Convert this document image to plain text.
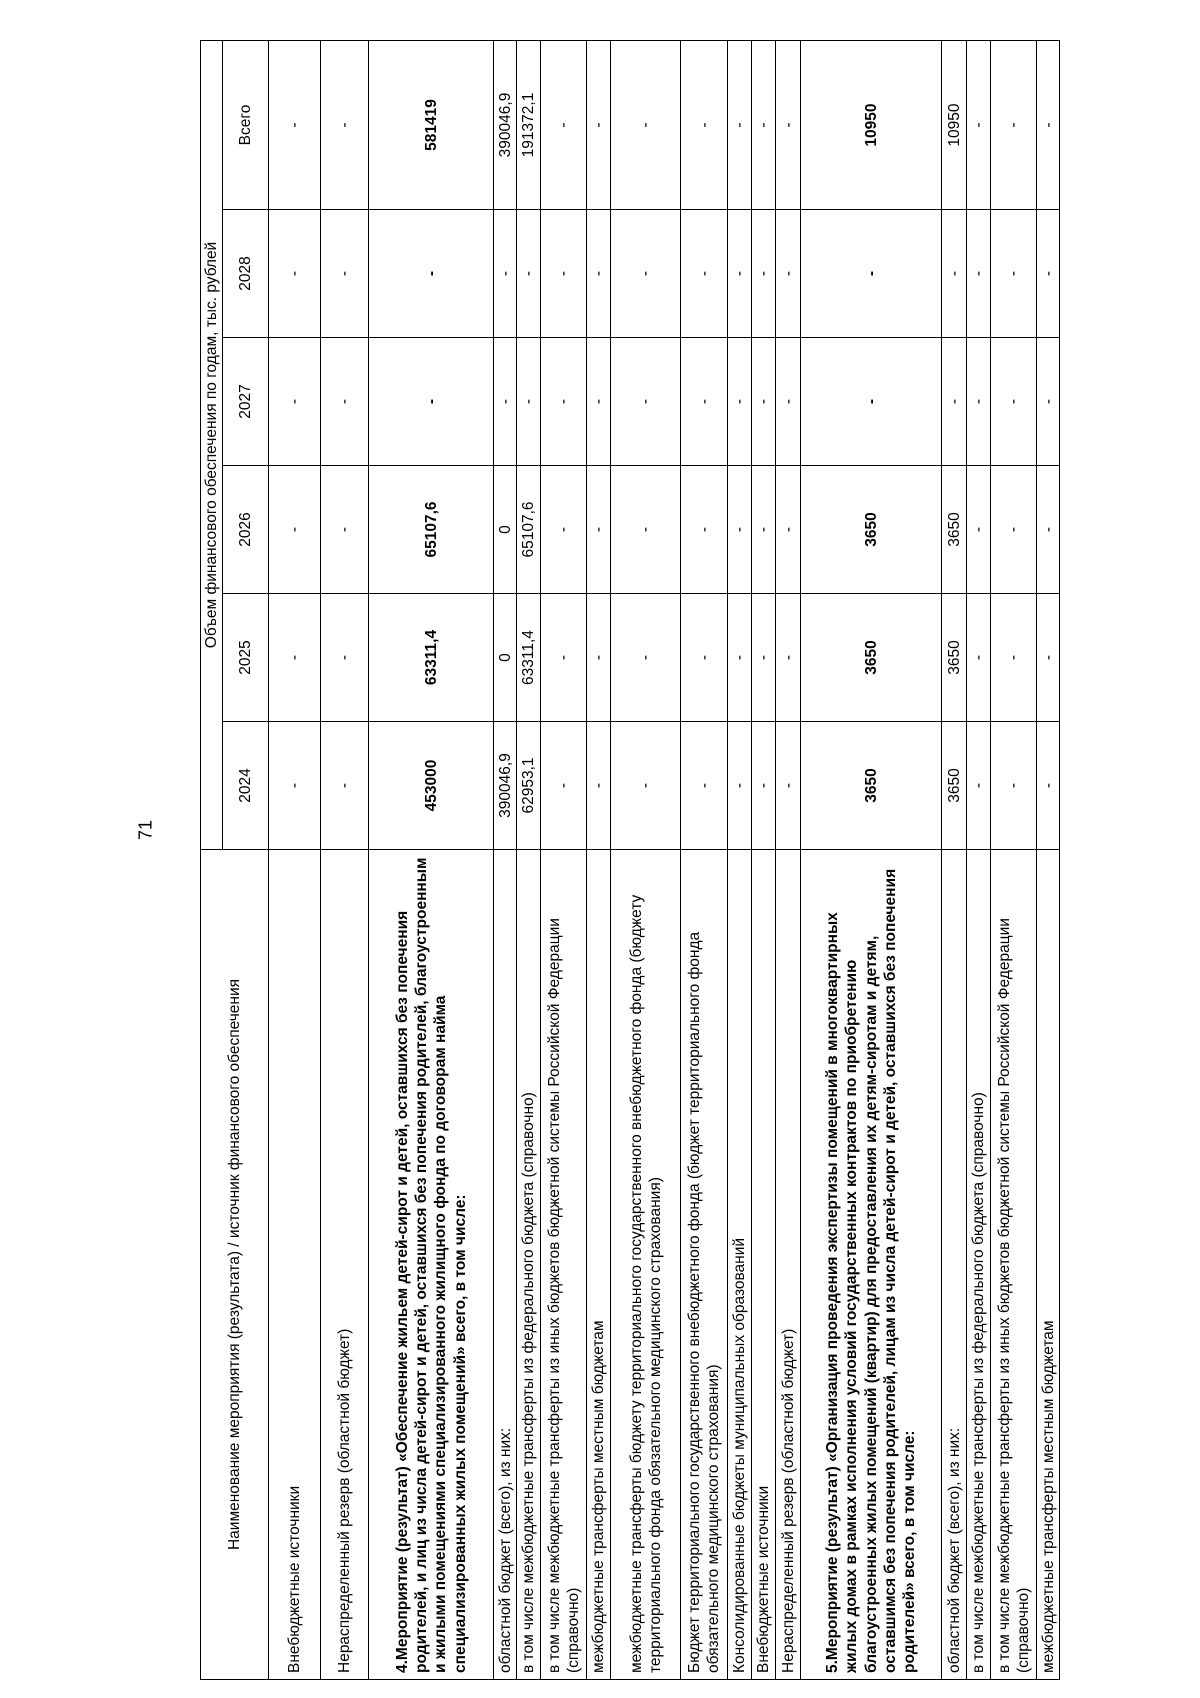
71
Наименование мероприятия (результата) / источник финансового обеспечения	Объем финансового обеспечения по годам, тыс. рублей					
	2024	2025	2026	2027	2028	Всего
Внебюджетные источники	-	-	-	-	-	-
Нераспределенный резерв (областной бюджет)	-	-	-	-	-	-
4.Мероприятие (результат) «Обеспечение жильем детей-сирот и детей, оставшихся без попечения родителей, и лиц из числа детей-сирот и детей, оставшихся без попечения родителей, благоустроенным и жилыми помещениями специализированного жилищного фонда по договорам найма специализированных жилых помещений» всего, в том числе:	453000	63311,4	65107,6	-	-	581419
областной бюджет (всего), из них:	390046,9	0	0	-	-	390046,9
в том числе межбюджетные трансферты из федерального бюджета (справочно)	62953,1	63311,4	65107,6	-	-	191372,1
в том числе межбюджетные трансферты из иных бюджетов бюджетной системы Российской Федерации (справочно)	-	-	-	-	-	-
межбюджетные трансферты местным бюджетам	-	-	-	-	-	-
межбюджетные трансферты бюджету территориального государственного внебюджетного фонда (бюджету территориального фонда обязательного медицинского страхования)	-	-	-	-	-	-
Бюджет территориального государственного внебюджетного фонда (бюджет территориального фонда обязательного медицинского страхования)	-	-	-	-	-	-
Консолидированные бюджеты муниципальных образований	-	-	-	-	-	-
Внебюджетные источники	-	-	-	-	-	-
Нераспределенный резерв (областной бюджет)	-	-	-	-	-	-
5.Мероприятие (результат) «Организация проведения экспертизы помещений в многоквартирных жилых домах в рамках исполнения условий государственных контрактов по приобретению благоустроенных жилых помещений (квартир) для предоставления их детям-сиротам и детям, оставшимся без попечения родителей, лицам из числа детей-сирот и детей, оставшихся без попечения родителей» всего, в том числе:	3650	3650	3650	-	-	10950
областной бюджет (всего), из них:	3650	3650	3650	-	-	10950
в том числе межбюджетные трансферты из федерального бюджета (справочно)	-	-	-	-	-	-
в том числе межбюджетные трансферты из иных бюджетов бюджетной системы Российской Федерации (справочно)	-	-	-	-	-	-
межбюджетные трансферты местным бюджетам	-	-	-	-	-	-
